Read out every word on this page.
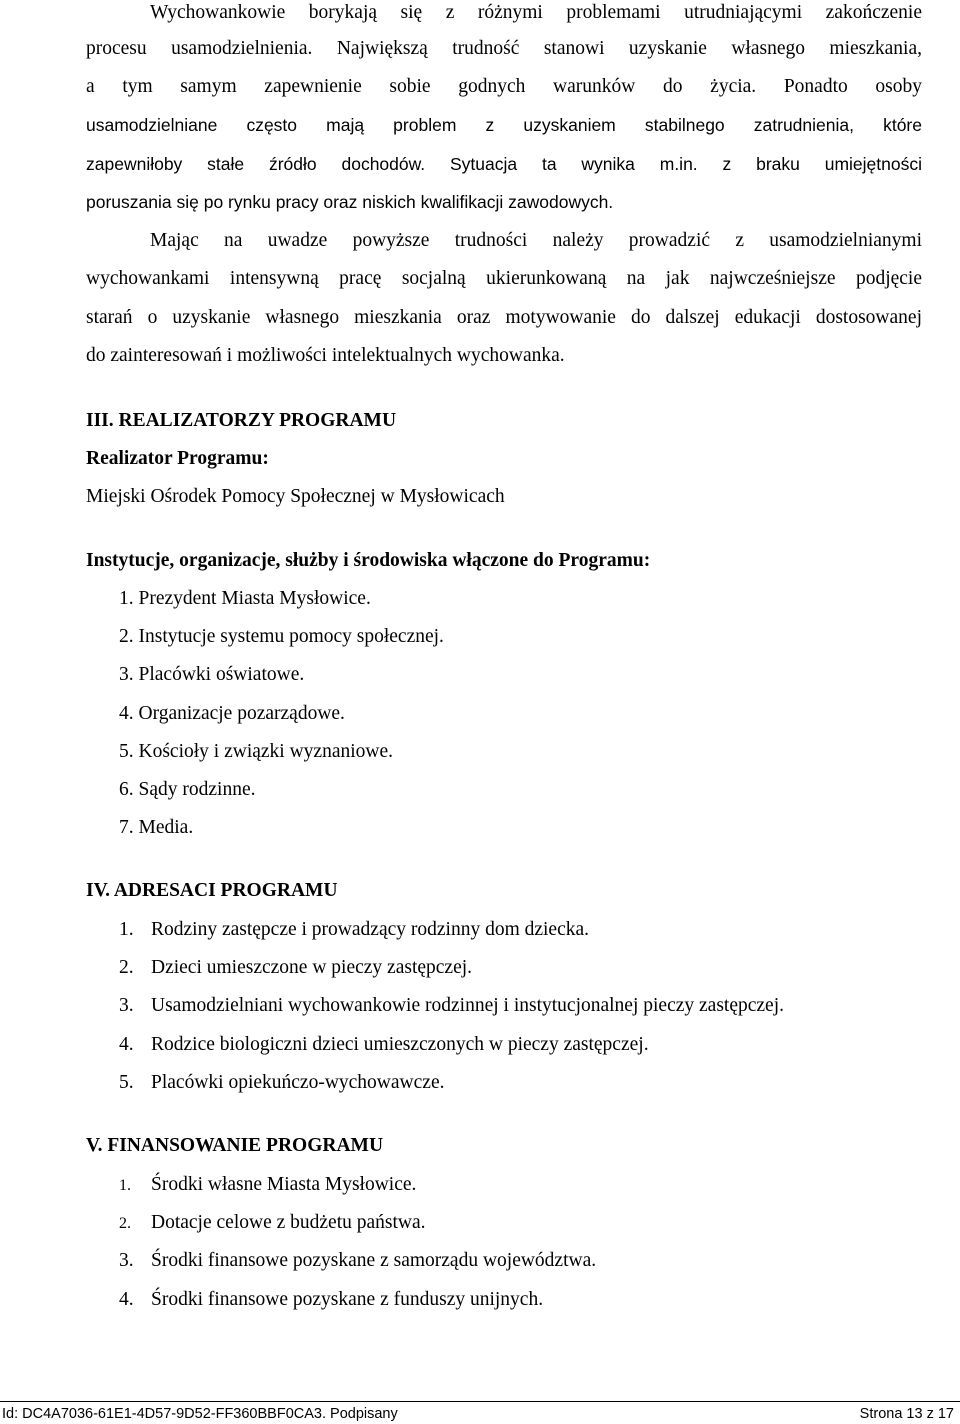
Wychowankowie borykają się z różnymi problemami utrudniającymi zakończenie
procesu usamodzielnienia. Największą trudność stanowi uzyskanie własnego mieszkania,
a tym samym zapewnienie sobie godnych warunków do życia. Ponadto osoby
usamodzielniane często mają problem z uzyskaniem stabilnego zatrudnienia, które
zapewniłoby stałe źródło dochodów. Sytuacja ta wynika m.in. z braku umiejętności
poruszania się po rynku pracy oraz niskich kwalifikacji zawodowych.
Mając na uwadze powyższe trudności należy prowadzić z usamodzielnianymi
wychowankami intensywną pracę socjalną ukierunkowaną na jak najwcześniejsze podjęcie
starań o uzyskanie własnego mieszkania oraz motywowanie do dalszej edukacji dostosowanej
do zainteresowań i możliwości intelektualnych wychowanka.
III. REALIZATORZY PROGRAMU
Realizator Programu:
Miejski Ośrodek Pomocy Społecznej w Mysłowicach
Instytucje, organizacje, służby i środowiska włączone do Programu:
1. Prezydent Miasta Mysłowice.
2. Instytucje systemu pomocy społecznej.
3. Placówki oświatowe.
4. Organizacje pozarządowe.
5. Kościoły i związki wyznaniowe.
6. Sądy rodzinne.
7. Media.
IV. ADRESACI PROGRAMU
1. Rodziny zastępcze i prowadzący rodzinny dom dziecka.
2. Dzieci umieszczone w pieczy zastępczej.
3. Usamodzielniani wychowankowie rodzinnej i instytucjonalnej pieczy zastępczej.
4. Rodzice biologiczni dzieci umieszczonych w pieczy zastępczej.
5. Placówki opiekuńczo-wychowawcze.
V. FINANSOWANIE PROGRAMU
1. Środki własne Miasta Mysłowice.
2. Dotacje celowe z budżetu państwa.
3. Środki finansowe pozyskane z samorządu województwa.
4. Środki finansowe pozyskane z funduszy unijnych.
Id: DC4A7036-61E1-4D57-9D52-FF360BBF0CA3. Podpisany	Strona 13 z 17
